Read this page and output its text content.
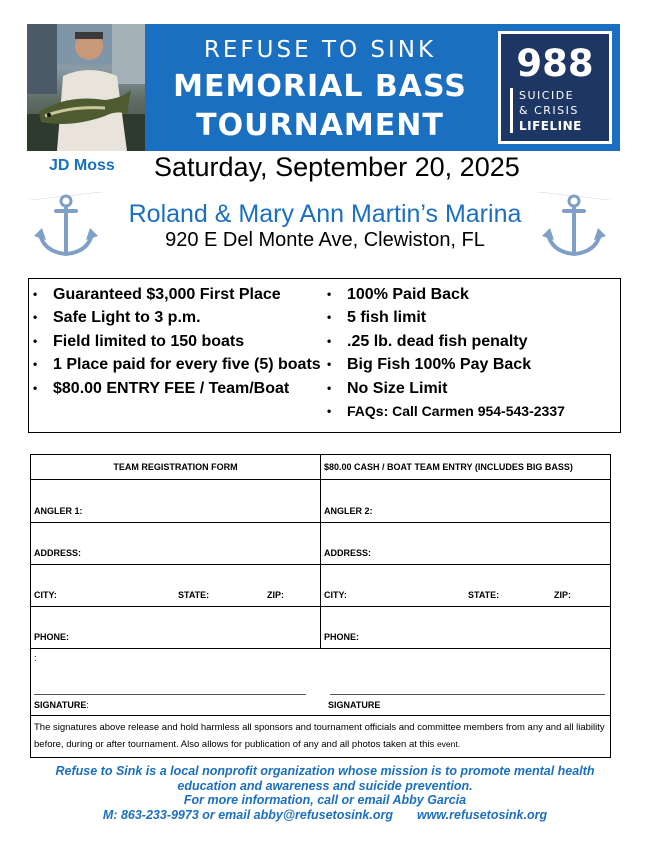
REFUSE TO SINK
MEMORIAL BASS
TOURNAMENT
988
SUICIDE
& CRISIS
LIFELINE
JD Moss Saturday, September 20, 2025
Roland & Mary Ann Martin’s Marina
920 E Del Monte Ave, Clewiston, FL
• Guaranteed $3,000 First Place
• Safe Light to 3 p.m.
• Field limited to 150 boats
• 1 Place paid for every five (5) boats
• $80.00 ENTRY FEE / Team/Boat
• 100% Paid Back
• 5 fish limit
• .25 lb. dead fish penalty
• Big Fish 100% Pay Back
• No Size Limit
• FAQs: Call Carmen 954-543-2337
TEAM REGISTRATION FORM	$80.00 CASH / BOAT TEAM ENTRY (INCLUDES BIG BASS)
ANGLER 1:	ANGLER 2:
ADDRESS:	ADDRESS:
CITY:	STATE:	ZIP:	CITY:	STATE:	ZIP:
PHONE:	PHONE:
:
SIGNATURE:	SIGNATURE
The signatures above release and hold harmless all sponsors and tournament officials and committee members from any and all liability before, during or after tournament. Also allows for publication of any and all photos taken at this event.
Refuse to Sink is a local nonprofit organization whose mission is to promote mental health
education and awareness and suicide prevention.
For more information, call or email Abby Garcia
M: 863-233-9973 or email abby@refusetosink.org www.refusetosink.org
